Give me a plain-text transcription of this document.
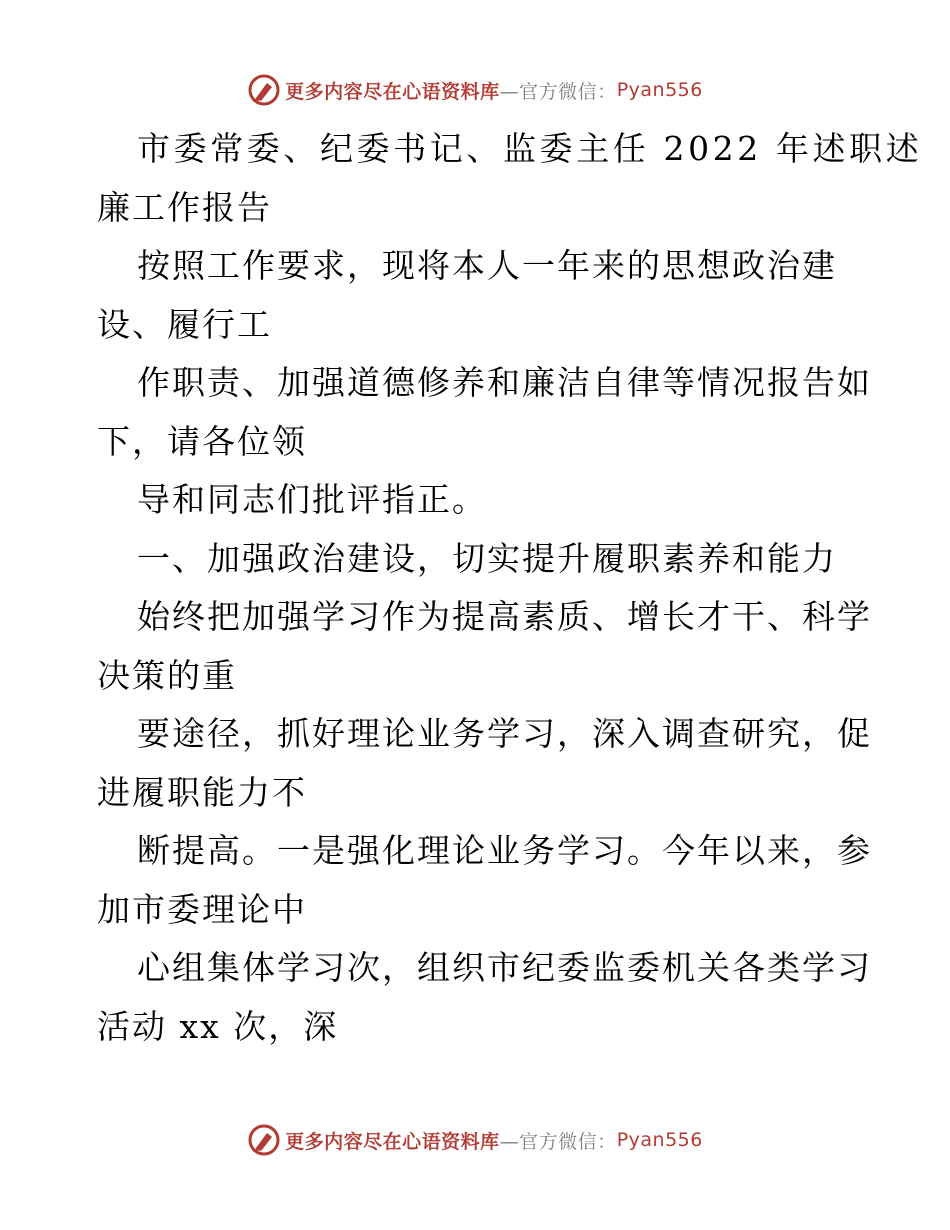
更多内容尽在心语资料库 —官方微信： Pyan556
市委常委、纪委书记、监委主任 2022 年述职述
廉工作报告
按照工作要求，现将本人一年来的思想政治建
设、履行工
作职责、加强道德修养和廉洁自律等情况报告如
下，请各位领
导和同志们批评指正。
一、加强政治建设，切实提升履职素养和能力
始终把加强学习作为提高素质、增长才干、科学
决策的重
要途径，抓好理论业务学习，深入调查研究，促
进履职能力不
断提高。一是强化理论业务学习。今年以来，参
加市委理论中
心组集体学习次，组织市纪委监委机关各类学习
活动 xx 次，深
更多内容尽在心语资料库 —官方微信： Pyan556
